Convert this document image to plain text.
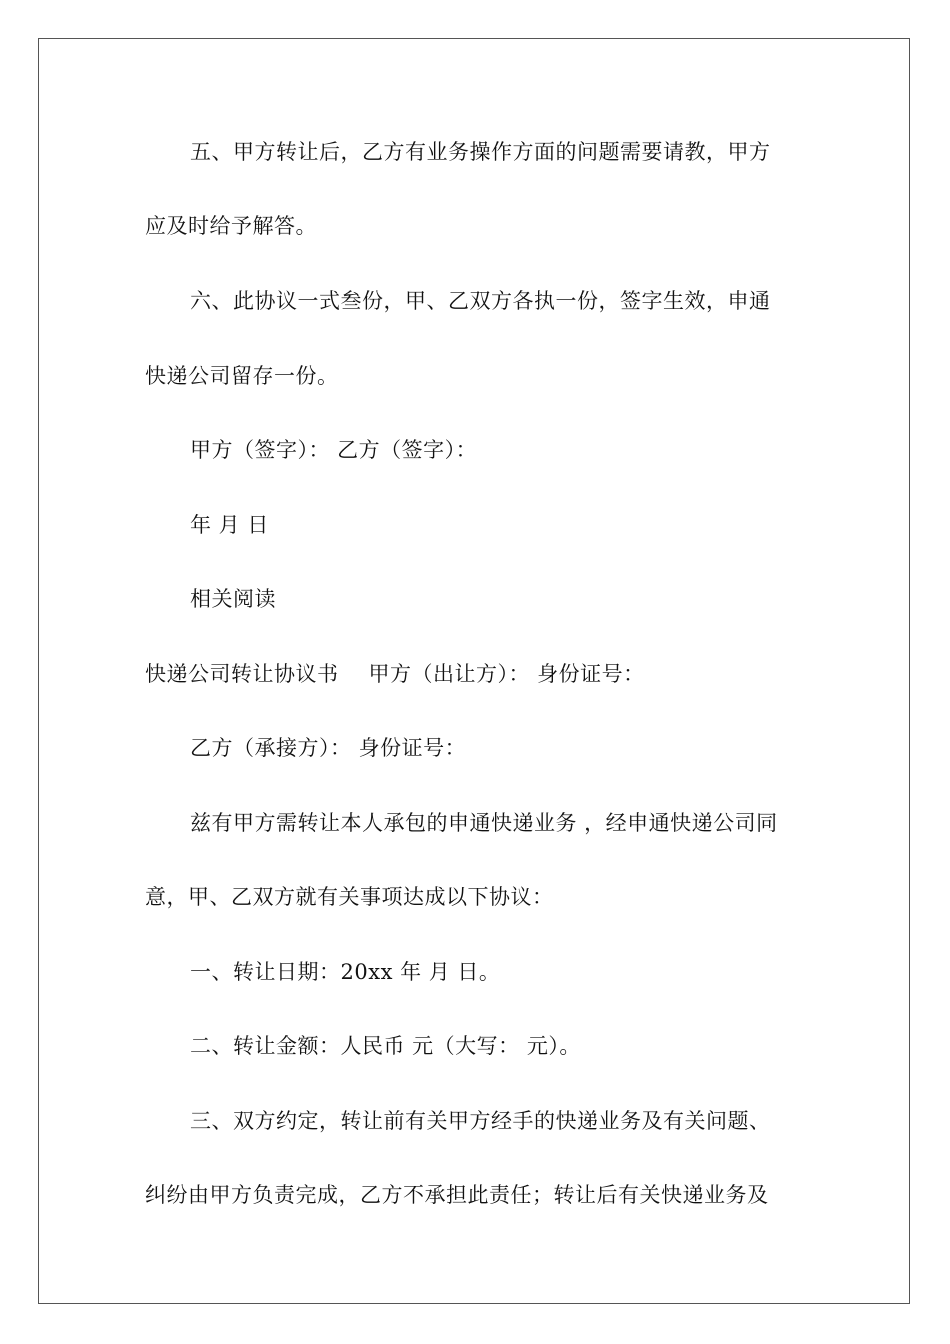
五、甲方转让后，乙方有业务操作方面的问题需要请教，甲方
应及时给予解答。
六、此协议一式叁份，甲、乙双方各执一份，签字生效，申通
快递公司留存一份。
甲方（签字）： 乙方（签字）：
年 月 日
相关阅读
快递公司转让协议书 甲方（出让方）： 身份证号：
乙方（承接方）： 身份证号：
兹有甲方需转让本人承包的申通快递业务 ，经申通快递公司同
意，甲、乙双方就有关事项达成以下协议：
一、转让日期：20xx 年 月 日。
二、转让金额：人民币 元（大写： 元）。
三、双方约定，转让前有关甲方经手的快递业务及有关问题、
纠纷由甲方负责完成，乙方不承担此责任；转让后有关快递业务及
